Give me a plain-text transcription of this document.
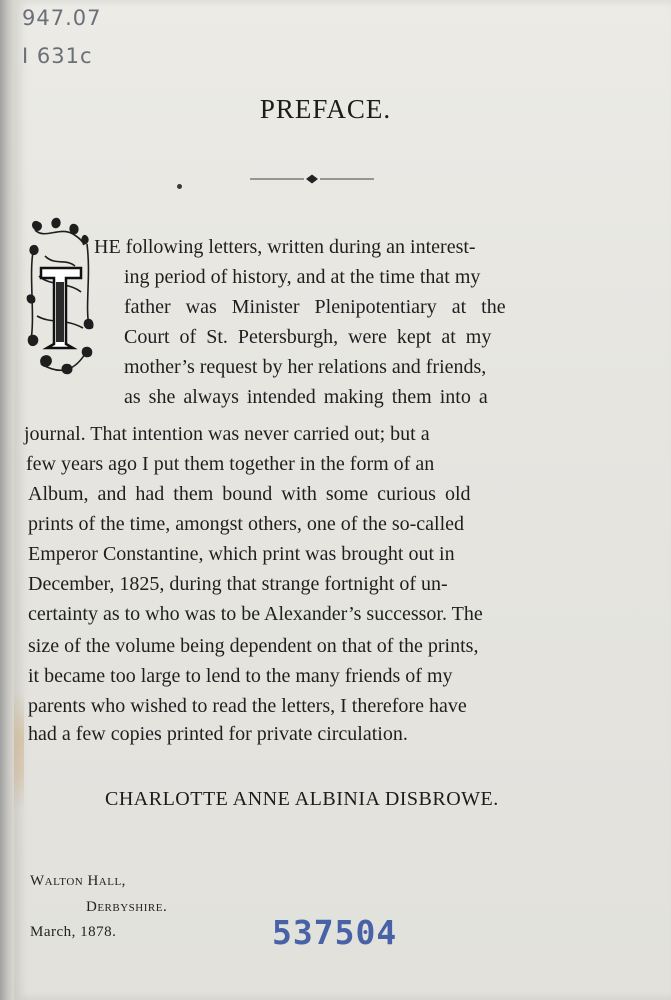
947.07
I 631c
PREFACE.
HE following letters, written during an interest-
ing period of history, and at the time that my
father was Minister Plenipotentiary at the
Court of St. Petersburgh, were kept at my
mother’s request by her relations and friends,
as she always intended making them into a
journal. That intention was never carried out; but a
few years ago I put them together in the form of an
Album, and had them bound with some curious old
prints of the time, amongst others, one of the so-called
Emperor Constantine, which print was brought out in
December, 1825, during that strange fortnight of un-
certainty as to who was to be Alexander’s successor. The
size of the volume being dependent on that of the prints,
it became too large to lend to the many friends of my
parents who wished to read the letters, I therefore have
had a few copies printed for private circulation.
CHARLOTTE ANNE ALBINIA DISBROWE.
Walton Hall,
Derbyshire.
March, 1878.	537504
